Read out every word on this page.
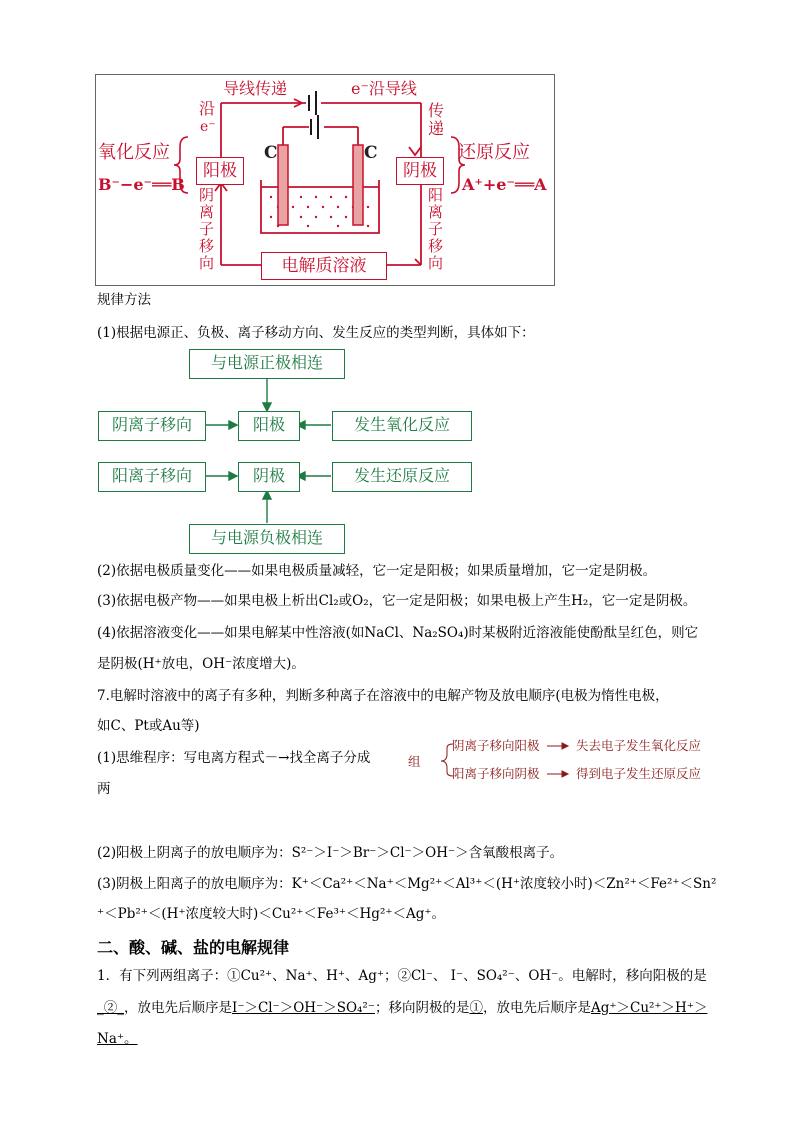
导线传递	e⁻沿导线
沿
e⁻
传
递
氧化反应
B⁻−e⁻══B
阳极	阴极
还原反应
A⁺+e⁻══A
C	C
阴
离
子
移
向
阳
离
子
移
向
电解质溶液
规律方法
(1)根据电源正、负极、离子移动方向、发生反应的类型判断，具体如下：
与电源正极相连
阴离子移向	阳极	发生氧化反应
阳离子移向	阴极	发生还原反应
与电源负极相连
(2)依据电极质量变化——如果电极质量减轻，它一定是阳极；如果质量增加，它一定是阴极。
(3)依据电极产物——如果电极上析出Cl₂或O₂，它一定是阳极；如果电极上产生H₂，它一定是阴极。
(4)依据溶液变化——如果电解某中性溶液(如NaCl、Na₂SO₄)时某极附近溶液能使酚酞呈红色，则它
是阴极(H⁺放电，OH⁻浓度增大)。
7.电解时溶液中的离子有多种，判断多种离子在溶液中的电解产物及放电顺序(电极为惰性电极，
如C、Pt或Au等)
(1)思维程序：写电离方程式－→找全离子分成
两
组
阴离子移向阳极	失去电子发生氧化反应
阳离子移向阴极	得到电子发生还原反应
(2)阳极上阴离子的放电顺序为：S²⁻＞I⁻＞Br⁻＞Cl⁻＞OH⁻＞含氧酸根离子。
(3)阴极上阳离子的放电顺序为：K⁺＜Ca²⁺＜Na⁺＜Mg²⁺＜Al³⁺＜(H⁺浓度较小时)＜Zn²⁺＜Fe²⁺＜Sn²
⁺＜Pb²⁺＜(H⁺浓度较大时)＜Cu²⁺＜Fe³⁺＜Hg²⁺＜Ag⁺。
二、酸、碱、盐的电解规律
1．有下列两组离子：①Cu²⁺、Na⁺、H⁺、Ag⁺；②Cl⁻、 I⁻、SO₄²⁻、OH⁻。电解时，移向阳极的是
_②_，放电先后顺序是I⁻＞Cl⁻＞OH⁻＞SO₄²⁻；移向阴极的是①，放电先后顺序是Ag⁺＞Cu²⁺＞H⁺＞
Na⁺。
